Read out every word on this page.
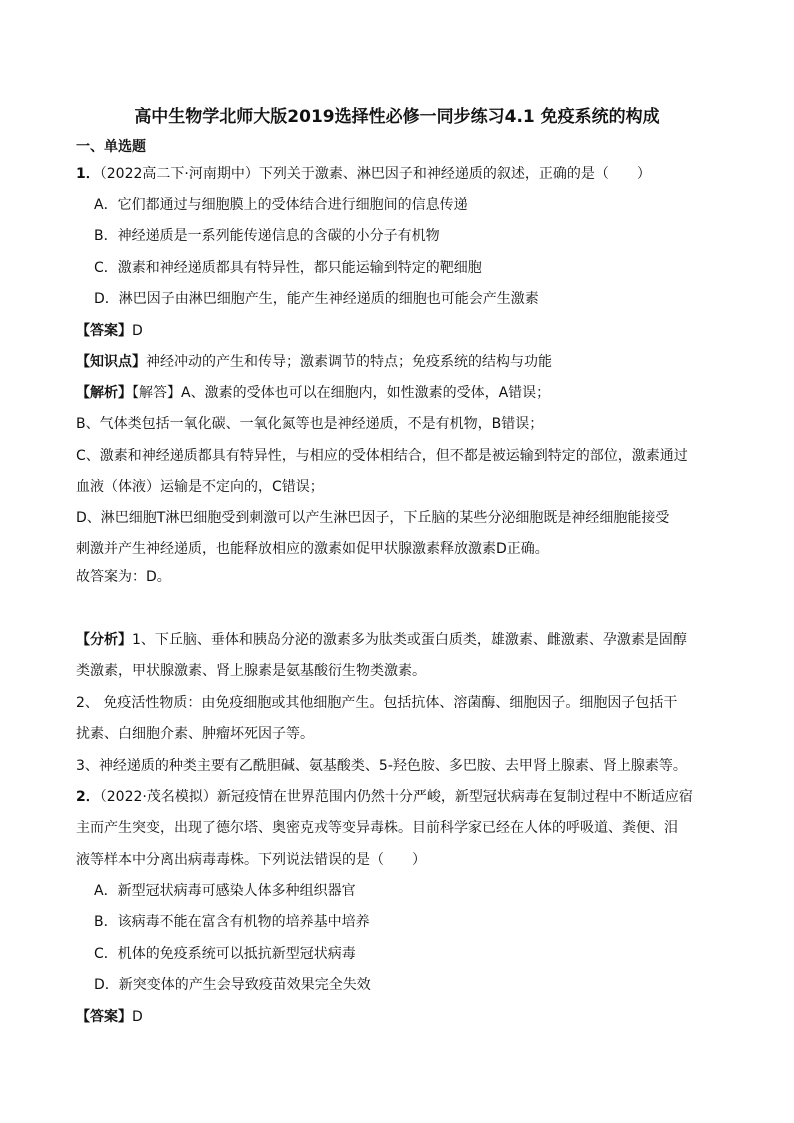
高中生物学北师大版2019选择性必修一同步练习4.1 免疫系统的构成
一、单选题
1．（2022高二下·河南期中）下列关于激素、淋巴因子和神经递质的叙述，正确的是（　　）
A．它们都通过与细胞膜上的受体结合进行细胞间的信息传递
B．神经递质是一系列能传递信息的含碳的小分子有机物
C．激素和神经递质都具有特异性，都只能运输到特定的靶细胞
D．淋巴因子由淋巴细胞产生，能产生神经递质的细胞也可能会产生激素
【答案】D
【知识点】神经冲动的产生和传导；激素调节的特点；免疫系统的结构与功能
【解析】【解答】A、激素的受体也可以在细胞内，如性激素的受体，A错误；
B、气体类包括一氧化碳、一氧化氮等也是神经递质，不是有机物，B错误；
C、激素和神经递质都具有特异性，与相应的受体相结合，但不都是被运输到特定的部位，激素通过
血液（体液）运输是不定向的，C错误；
D、淋巴细胞T淋巴细胞受到刺激可以产生淋巴因子，下丘脑的某些分泌细胞既是神经细胞能接受
刺激并产生神经递质，也能释放相应的激素如促甲状腺激素释放激素D正确。
故答案为：D。
【分析】1、下丘脑、垂体和胰岛分泌的激素多为肽类或蛋白质类，雄激素、雌激素、孕激素是固醇
类激素，甲状腺激素、肾上腺素是氨基酸衍生物类激素。
2、 免疫活性物质：由免疫细胞或其他细胞产生。包括抗体、溶菌酶、细胞因子。细胞因子包括干
扰素、白细胞介素、肿瘤坏死因子等。
3、神经递质的种类主要有乙酰胆碱、氨基酸类、5-羟色胺、多巴胺、去甲肾上腺素、肾上腺素等。
2．（2022·茂名模拟）新冠疫情在世界范围内仍然十分严峻，新型冠状病毒在复制过程中不断适应宿
主而产生突变，出现了德尔塔、奥密克戎等变异毒株。目前科学家已经在人体的呼吸道、粪便、泪
液等样本中分离出病毒毒株。下列说法错误的是（　　）
A．新型冠状病毒可感染人体多种组织器官
B．该病毒不能在富含有机物的培养基中培养
C．机体的免疫系统可以抵抗新型冠状病毒
D．新突变体的产生会导致疫苗效果完全失效
【答案】D
